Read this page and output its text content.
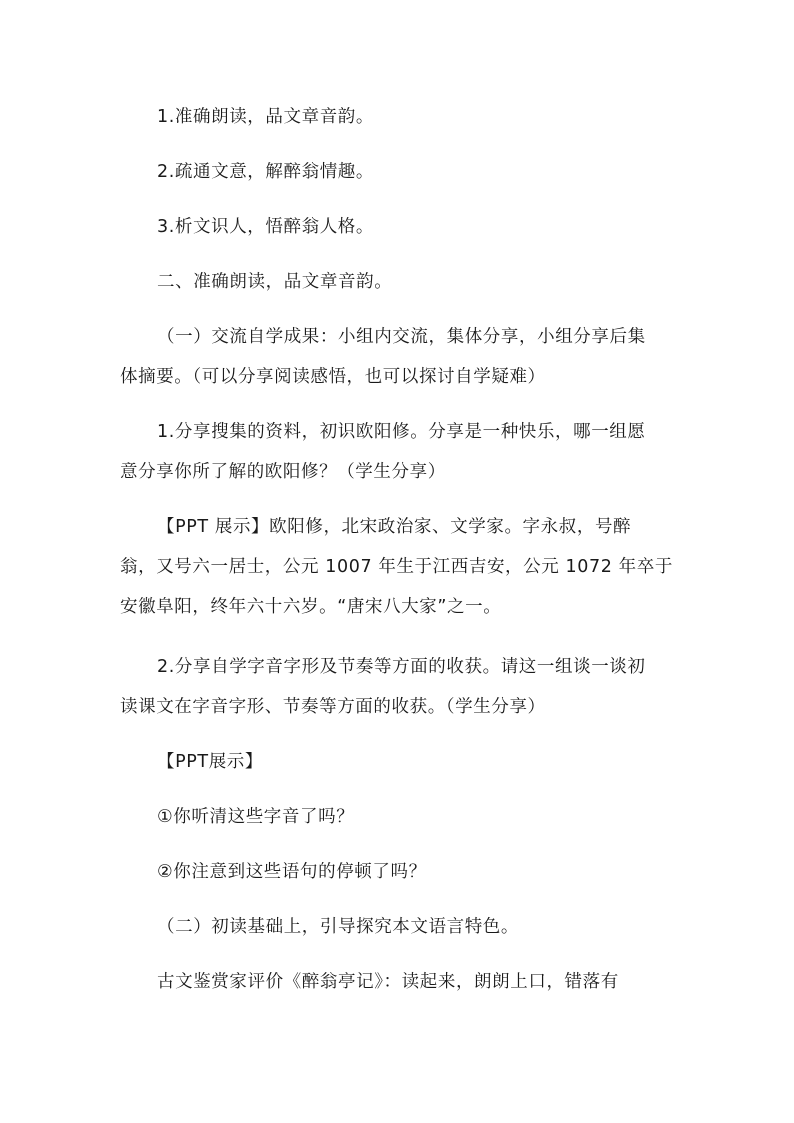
1.准确朗读，品文章音韵。

2.疏通文意，解醉翁情趣。

3.析文识人，悟醉翁人格。

二、准确朗读，品文章音韵。

（一）交流自学成果：小组内交流，集体分享，小组分享后集
体摘要。（可以分享阅读感悟，也可以探讨自学疑难）

1.分享搜集的资料，初识欧阳修。分享是一种快乐，哪一组愿
意分享你所了解的欧阳修？（学生分享）

【PPT 展示】欧阳修，北宋政治家、文学家。字永叔，号醉
翁，又号六一居士，公元 1007 年生于江西吉安，公元 1072 年卒于
安徽阜阳，终年六十六岁。“唐宋八大家”之一。

2.分享自学字音字形及节奏等方面的收获。请这一组谈一谈初
读课文在字音字形、节奏等方面的收获。（学生分享）

【PPT展示】

①你听清这些字音了吗？

②你注意到这些语句的停顿了吗？

（二）初读基础上，引导探究本文语言特色。

古文鉴赏家评价《醉翁亭记》：读起来，朗朗上口，错落有
